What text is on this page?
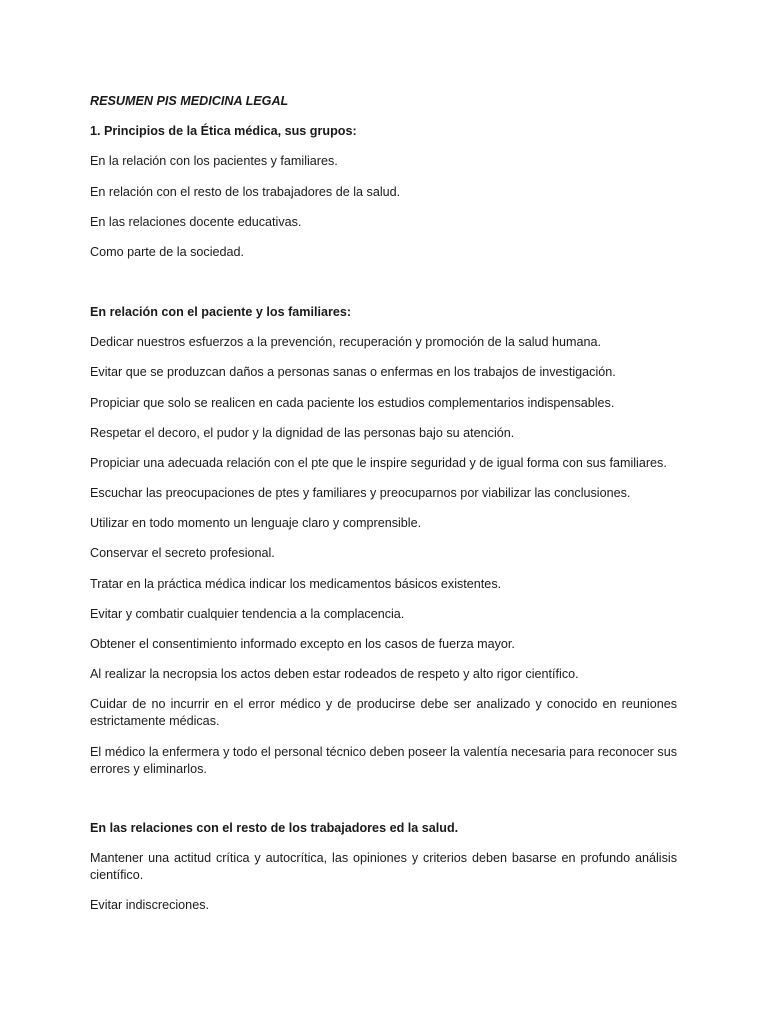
RESUMEN PIS MEDICINA LEGAL

1. Principios de la Ética médica, sus grupos:

En la relación con los pacientes y familiares.

En relación con el resto de los trabajadores de la salud.

En las relaciones docente educativas.

Como parte de la sociedad.

En relación con el paciente y los familiares:

Dedicar nuestros esfuerzos a la prevención, recuperación y promoción de la salud humana.

Evitar que se produzcan daños a personas sanas o enfermas en los trabajos de investigación.

Propiciar que solo se realicen en cada paciente los estudios complementarios indispensables.

Respetar el decoro, el pudor y la dignidad de las personas bajo su atención.

Propiciar una adecuada relación con el pte que le inspire seguridad y de igual forma con sus familiares.

Escuchar las preocupaciones de ptes y familiares y preocuparnos por viabilizar las conclusiones.

Utilizar en todo momento un lenguaje claro y comprensible.

Conservar el secreto profesional.

Tratar en la práctica médica indicar los medicamentos básicos existentes.

Evitar y combatir cualquier tendencia a la complacencia.

Obtener el consentimiento informado excepto en los casos de fuerza mayor.

Al realizar la necropsia los actos deben estar rodeados de respeto y alto rigor científico.

Cuidar de no incurrir en el error médico y de producirse debe ser analizado y conocido en reuniones estrictamente médicas.

El médico la enfermera y todo el personal técnico deben poseer la valentía necesaria para reconocer sus errores y eliminarlos.

En las relaciones con el resto de los trabajadores ed la salud.

Mantener una actitud crítica y autocrítica, las opiniones y criterios deben basarse en profundo análisis científico.

Evitar indiscreciones.
